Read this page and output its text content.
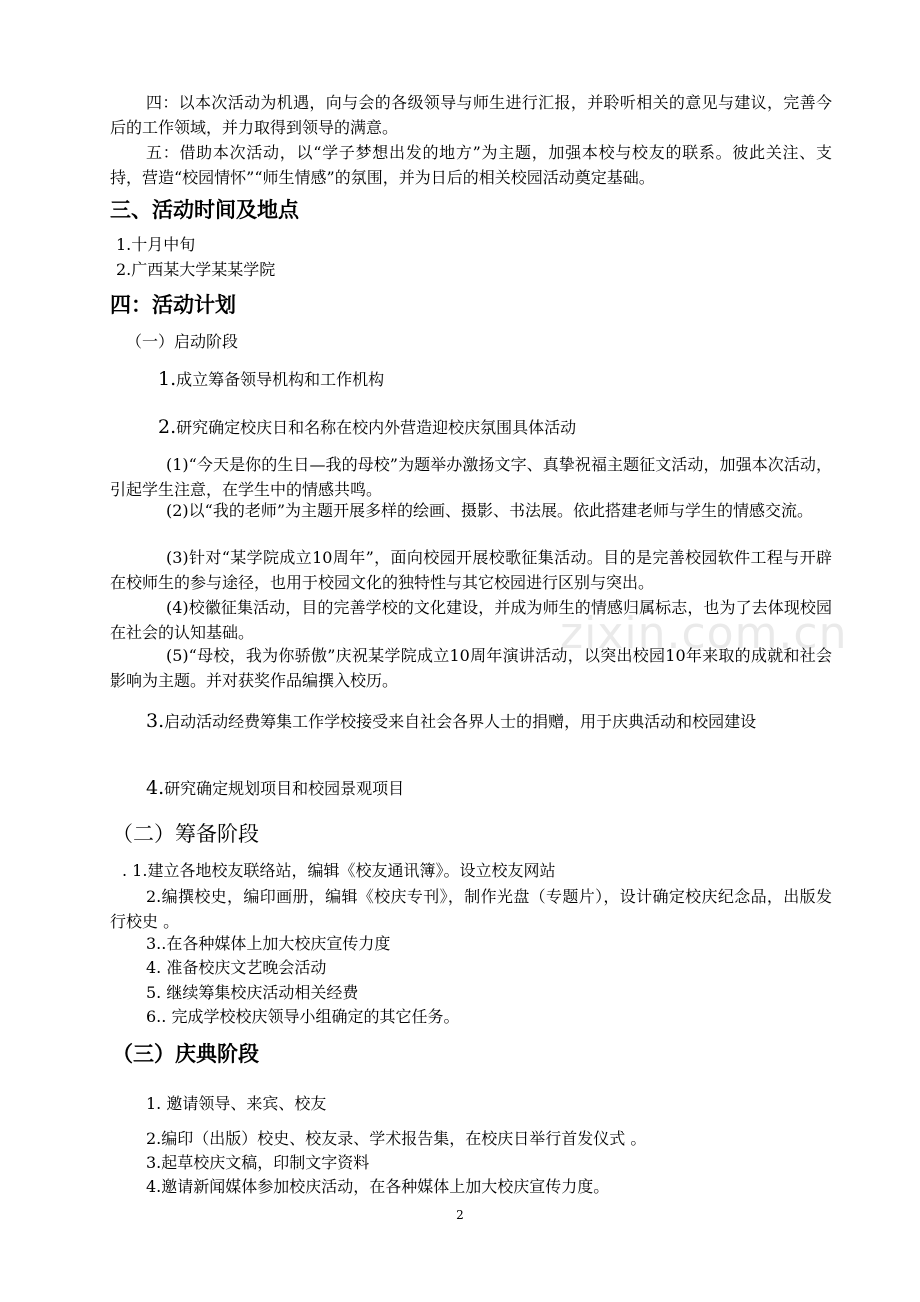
zixin.com.cn
四：以本次活动为机遇，向与会的各级领导与师生进行汇报，并聆听相关的意见与建议，完善今后的工作领域，并力取得到领导的满意。
五：借助本次活动，以“学子梦想出发的地方”为主题，加强本校与校友的联系。彼此关注、支持，营造“校园情怀”“师生情感”的氛围，并为日后的相关校园活动奠定基础。
三、活动时间及地点
1.十月中旬
2.广西某大学某某学院
四：活动计划
（一）启动阶段
1.成立筹备领导机构和工作机构
2.研究确定校庆日和名称在校内外营造迎校庆氛围具体活动
(1)“今天是你的生日—我的母校”为题举办激扬文字、真挚祝福主题征文活动，加强本次活动，引起学生注意，在学生中的情感共鸣。
(2)以“我的老师”为主题开展多样的绘画、摄影、书法展。依此搭建老师与学生的情感交流。
(3)针对“某学院成立10周年”，面向校园开展校歌征集活动。目的是完善校园软件工程与开辟在校师生的参与途径，也用于校园文化的独特性与其它校园进行区别与突出。
(4)校徽征集活动，目的完善学校的文化建设，并成为师生的情感归属标志，也为了去体现校园在社会的认知基础。
(5)“母校，我为你骄傲”庆祝某学院成立10周年演讲活动，以突出校园10年来取的成就和社会影响为主题。并对获奖作品编撰入校历。
3.启动活动经费筹集工作学校接受来自社会各界人士的捐赠，用于庆典活动和校园建设
4.研究确定规划项目和校园景观项目
（二）筹备阶段
. 1.建立各地校友联络站，编辑《校友通讯簿》。设立校友网站
2.编撰校史，编印画册，编辑《校庆专刊》，制作光盘（专题片），设计确定校庆纪念品，出版发行校史 。
3..在各种媒体上加大校庆宣传力度
4. 准备校庆文艺晚会活动
5. 继续筹集校庆活动相关经费
6.. 完成学校校庆领导小组确定的其它任务。
（三）庆典阶段
1. 邀请领导、来宾、校友
2.编印（出版）校史、校友录、学术报告集，在校庆日举行首发仪式 。
3.起草校庆文稿，印制文字资料
4.邀请新闻媒体参加校庆活动，在各种媒体上加大校庆宣传力度。
2
